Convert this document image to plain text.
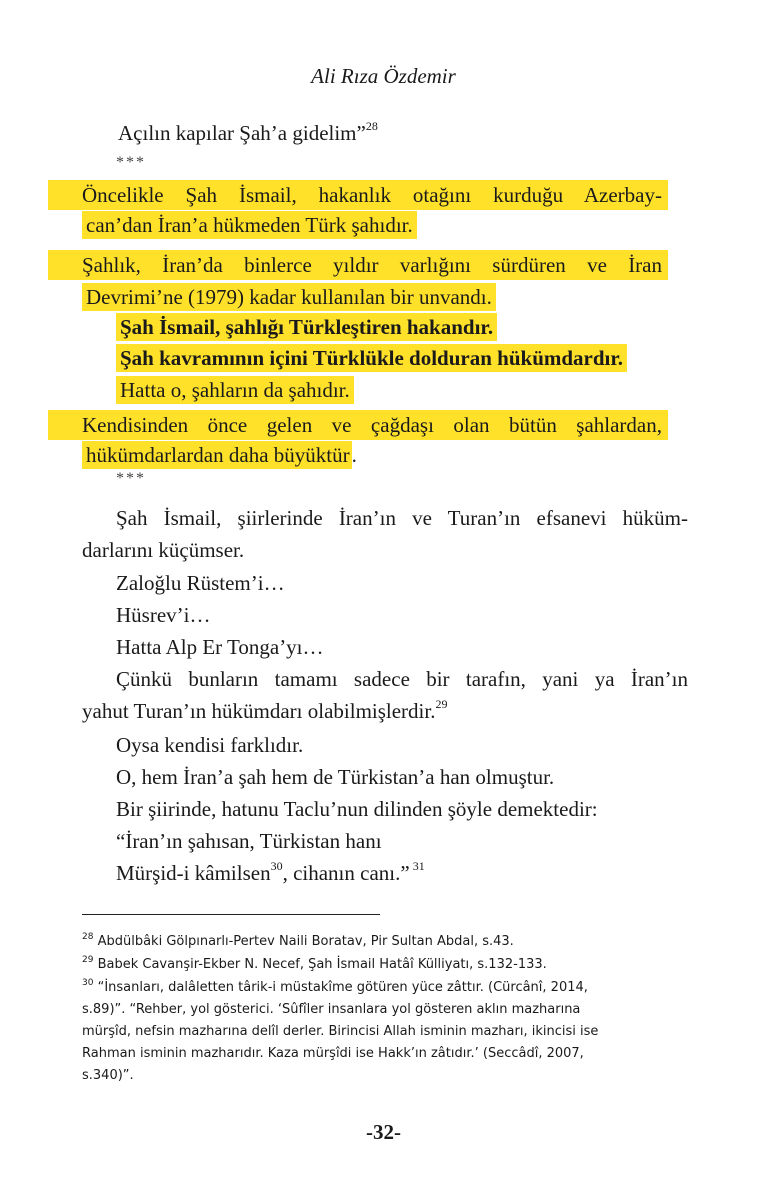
Ali Rıza Özdemir
Açılın kapılar Şah’a gidelim”$^{28}$
***
Öncelikle Şah İsmail, hakanlık otağını kurduğu Azerbay-
can’dan İran’a hükmeden Türk şahıdır.
Şahlık, İran’da binlerce yıldır varlığını sürdüren ve İran
Devrimi’ne (1979) kadar kullanılan bir unvandı.
Şah İsmail, şahlığı Türkleştiren hakandır.
Şah kavramının içini Türklükle dolduran hükümdardır.
Hatta o, şahların da şahıdır.
Kendisinden önce gelen ve çağdaşı olan bütün şahlardan,
hükümdarlardan daha büyüktür.
***
Şah İsmail, şiirlerinde İran’ın ve Turan’ın efsanevi hüküm-
darlarını küçümser.
Zaloğlu Rüstem’i…
Hüsrev’i…
Hatta Alp Er Tonga’yı…
Çünkü bunların tamamı sadece bir tarafın, yani ya İran’ın
yahut Turan’ın hükümdarı olabilmişlerdir.$^{29}$
Oysa kendisi farklıdır.
O, hem İran’a şah hem de Türkistan’a han olmuştur.
Bir şiirinde, hatunu Taclu’nun dilinden şöyle demektedir:
“İran’ın şahısan, Türkistan hanı
Mürşid-i kâmilsen$^{30}$, cihanın canı.” $^{31}$
$^{28}$ Abdülbâki Gölpınarlı-Pertev Naili Boratav, Pir Sultan Abdal, s.43.
$^{29}$ Babek Cavanşir-Ekber N. Necef, Şah İsmail Hatâî Külliyatı, s.132-133.
$^{30}$ “İnsanları, dalâletten târik-i müstakîme götüren yüce zâttır. (Cürcânî, 2014,
s.89)”. “Rehber, yol gösterici. ‘Sûfîler insanlara yol gösteren aklın mazharına
mürşîd, nefsin mazharına delîl derler. Birincisi Allah isminin mazharı, ikincisi ise
Rahman isminin mazharıdır. Kaza mürşîdi ise Hakk’ın zâtıdır.’ (Seccâdî, 2007,
s.340)”.
-32-
